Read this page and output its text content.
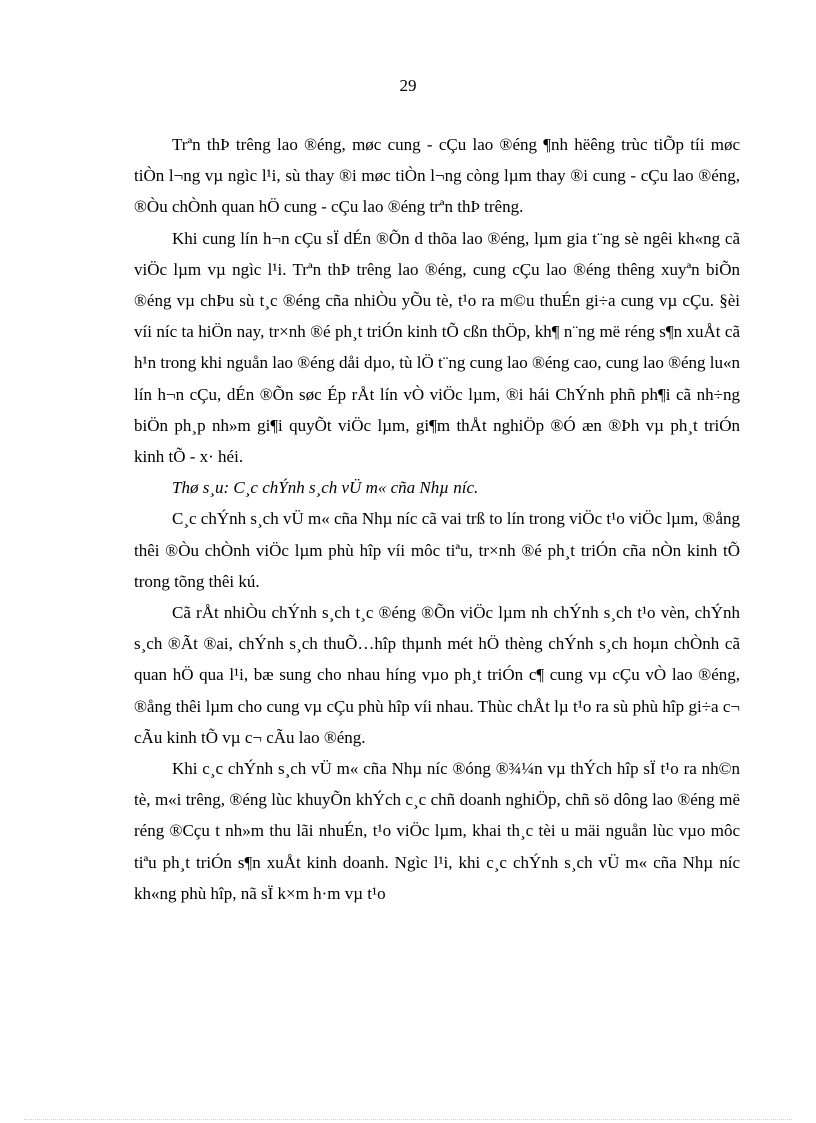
29

Trªn thÞ trêng lao ®éng, møc cung - cÇu lao ®éng ¶nh hëêng trùc tiÕp tíi møc tiÒn l¬ng vµ ngìc l¹i, sù thay ®i møc tiÒn l¬ng còng lµm thay ®i cung - cÇu lao ®éng, ®Òu chÒnh quan hÖ cung - cÇu lao ®éng trªn thÞ trêng.

Khi cung lín h¬n cÇu sÏ dÉn ®Õn d thõa lao ®éng, lµm gia t¨ng sè ngêi kh«ng cã viÖc lµm vµ ngìc l¹i. Trªn thÞ trêng lao ®éng, cung cÇu lao ®éng thêng xuyªn biÕn ®éng vµ chÞu sù t¸c ®éng cña nhiÒu yÕu tè, t¹o ra m©u thuÉn gi÷a cung vµ cÇu. §èi víi níc ta hiÖn nay, tr×nh ®é ph¸t triÓn kinh tÕ cßn thÖp, kh¶ n¨ng më réng s¶n xuÅt cã h¹n trong khi nguån lao ®éng dåi dµo, tù lÖ t¨ng cung lao ®éng cao, cung lao ®éng lu«n lín h¬n cÇu, dÉn ®Õn søc Ép rÅt lín vÒ viÖc lµm, ®i hái ChÝnh phñ ph¶i cã nh÷ng biÖn ph¸p nh»m gi¶i quyÕt viÖc lµm, gi¶m thÅt nghiÖp ®Ó æn ®Þh vµ ph¸t triÓn kinh tÕ - x· héi.

Thø s¸u: C¸c chÝnh s¸ch vÜ m« cña Nhµ níc.

C¸c chÝnh s¸ch vÜ m« cña Nhµ níc cã vai trß to lín trong viÖc t¹o viÖc lµm, ®ång thêi ®Òu chÒnh viÖc lµm phù hîp víi môc tiªu, tr×nh ®é ph¸t triÓn cña nÒn kinh tÕ trong tõng thêi kú.

Cã rÅt nhiÒu chÝnh s¸ch t¸c ®éng ®Õn viÖc lµm nh chÝnh s¸ch t¹o vèn, chÝnh s¸ch ®Ãt ®ai, chÝnh s¸ch thuÕ…hîp thµnh mét hÖ thèng chÝnh s¸ch hoµn chÒnh cã quan hÖ qua l¹i, bæ sung cho nhau híng vµo ph¸t triÓn c¶ cung vµ cÇu vÒ lao ®éng, ®ång thêi lµm cho cung vµ cÇu phù hîp víi nhau. Thùc chÅt lµ t¹o ra sù phù hîp gi÷a c¬ cÃu kinh tÕ vµ c¬ cÃu lao ®éng.

Khi c¸c chÝnh s¸ch vÜ m« cña Nhµ níc ®óng ®¾¼n vµ thÝch hîp sÏ t¹o ra nh©n tè, m«i trêng, ®éng lùc khuyÕn khÝch c¸c chñ doanh nghiÖp, chñ sö dông lao ®éng më réng ®Cçu t nh»m thu lãi nhuÉn, t¹o viÖc lµm, khai th¸c tèi u mäi nguån lùc vµo môc tiªu ph¸t triÓn s¶n xuÅt kinh doanh. Ngìc l¹i, khi c¸c chÝnh s¸ch vÜ m« cña Nhµ níc kh«ng phù hîp, nã sÏ k×m h·m vµ t¹o
